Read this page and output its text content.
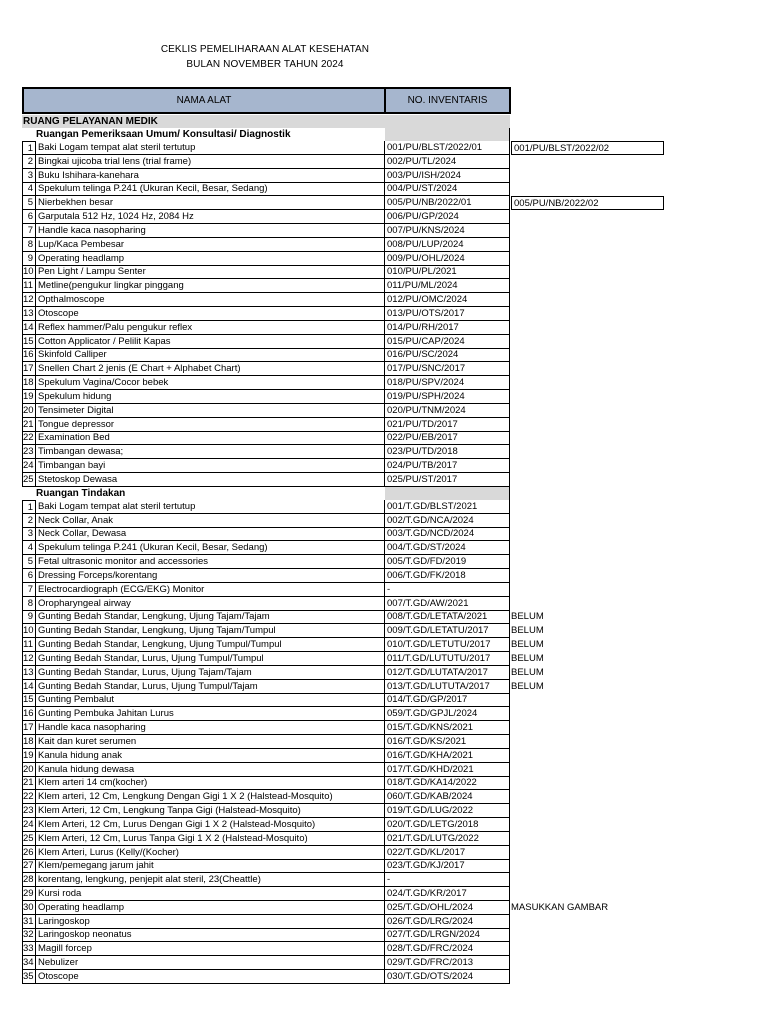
CEKLIS PEMELIHARAAN ALAT KESEHATAN
BULAN NOVEMBER TAHUN 2024
NAMA ALAT	NO. INVENTARIS
RUANG PELAYANAN MEDIK
Ruangan Pemeriksaan Umum/ Konsultasi/ Diagnostik
1 Baki Logam tempat alat steril tertutup	001/PU/BLST/2022/01	001/PU/BLST/2022/02
2 Bingkai ujicoba trial lens (trial frame)	002/PU/TL/2024
3 Buku Ishihara-kanehara	003/PU/ISH/2024
4 Spekulum telinga P.241 (Ukuran Kecil, Besar, Sedang)	004/PU/ST/2024
5 Nierbekhen besar	005/PU/NB/2022/01	005/PU/NB/2022/02
6 Garputala 512 Hz, 1024 Hz, 2084 Hz	006/PU/GP/2024
7 Handle kaca nasopharing	007/PU/KNS/2024
8 Lup/Kaca Pembesar	008/PU/LUP/2024
9 Operating headlamp	009/PU/OHL/2024
10 Pen Light / Lampu Senter	010/PU/PL/2021
11 Metline(pengukur lingkar pinggang	011/PU/ML/2024
12 Opthalmoscope	012/PU/OMC/2024
13 Otoscope	013/PU/OTS/2017
14 Reflex hammer/Palu pengukur reflex	014/PU/RH/2017
15 Cotton Applicator / Pelilit Kapas	015/PU/CAP/2024
16 Skinfold Calliper	016/PU/SC/2024
17 Snellen Chart 2 jenis (E Chart + Alphabet Chart)	017/PU/SNC/2017
18 Spekulum Vagina/Cocor bebek	018/PU/SPV/2024
19 Spekulum hidung	019/PU/SPH/2024
20 Tensimeter Digital	020/PU/TNM/2024
21 Tongue depressor	021/PU/TD/2017
22 Examination Bed	022/PU/EB/2017
23 Timbangan dewasa;	023/PU/TD/2018
24 Timbangan bayi	024/PU/TB/2017
25 Stetoskop Dewasa	025/PU/ST/2017
Ruangan Tindakan
1 Baki Logam tempat alat steril tertutup	001/T.GD/BLST/2021
2 Neck Collar, Anak	002/T.GD/NCA/2024
3 Neck Collar, Dewasa	003/T.GD/NCD/2024
4 Spekulum telinga P.241 (Ukuran Kecil, Besar, Sedang)	004/T.GD/ST/2024
5 Fetal ultrasonic monitor and accessories	005/T.GD/FD/2019
6 Dressing Forceps/korentang	006/T.GD/FK/2018
7 Electrocardiograph (ECG/EKG) Monitor	-
8 Oropharyngeal airway	007/T.GD/AW/2021
9 Gunting Bedah Standar, Lengkung, Ujung Tajam/Tajam	008/T.GD/LETATA/2021	BELUM
10 Gunting Bedah Standar, Lengkung, Ujung Tajam/Tumpul	009/T.GD/LETATU/2017	BELUM
11 Gunting Bedah Standar, Lengkung, Ujung Tumpul/Tumpul	010/T.GD/LETUTU/2017	BELUM
12 Gunting Bedah Standar, Lurus, Ujung Tumpul/Tumpul	011/T.GD/LUTUTU/2017	BELUM
13 Gunting Bedah Standar, Lurus, Ujung Tajam/Tajam	012/T.GD/LUTATA/2017	BELUM
14 Gunting Bedah Standar, Lurus, Ujung Tumpul/Tajam	013/T.GD/LUTUTA/2017	BELUM
15 Gunting Pembalut	014/T.GD/GP/2017
16 Gunting Pembuka Jahitan Lurus	059/T.GD/GPJL/2024
17 Handle kaca nasopharing	015/T.GD/KNS/2021
18 Kait dan kuret serumen	016/T.GD/KS/2021
19 Kanula hidung anak	016/T.GD/KHA/2021
20 Kanula hidung dewasa	017/T.GD/KHD/2021
21 Klem arteri 14 cm(kocher)	018/T.GD/KA14/2022
22 Klem arteri, 12 Cm, Lengkung Dengan Gigi 1 X 2 (Halstead-Mosquito)	060/T.GD/KAB/2024
23 Klem Arteri, 12 Cm, Lengkung Tanpa Gigi (Halstead-Mosquito)	019/T.GD/LUG/2022
24 Klem Arteri, 12 Cm, Lurus Dengan Gigi 1 X 2 (Halstead-Mosquito)	020/T.GD/LETG/2018
25 Klem Arteri, 12 Cm, Lurus Tanpa Gigi 1 X 2 (Halstead-Mosquito)	021/T.GD/LUTG/2022
26 Klem Arteri, Lurus (Kelly/(Kocher)	022/T.GD/KL/2017
27 Klem/pemegang jarum jahit	023/T.GD/KJ/2017
28 korentang, lengkung, penjepit alat steril, 23(Cheattle)	-
29 Kursi roda	024/T.GD/KR/2017
30 Operating headlamp	025/T.GD/OHL/2024	MASUKKAN GAMBAR
31 Laringoskop	026/T.GD/LRG/2024
32 Laringoskop neonatus	027/T.GD/LRGN/2024
33 Magill forcep	028/T.GD/FRC/2024
34 Nebulizer	029/T.GD/FRC/2013
35 Otoscope	030/T.GD/OTS/2024
